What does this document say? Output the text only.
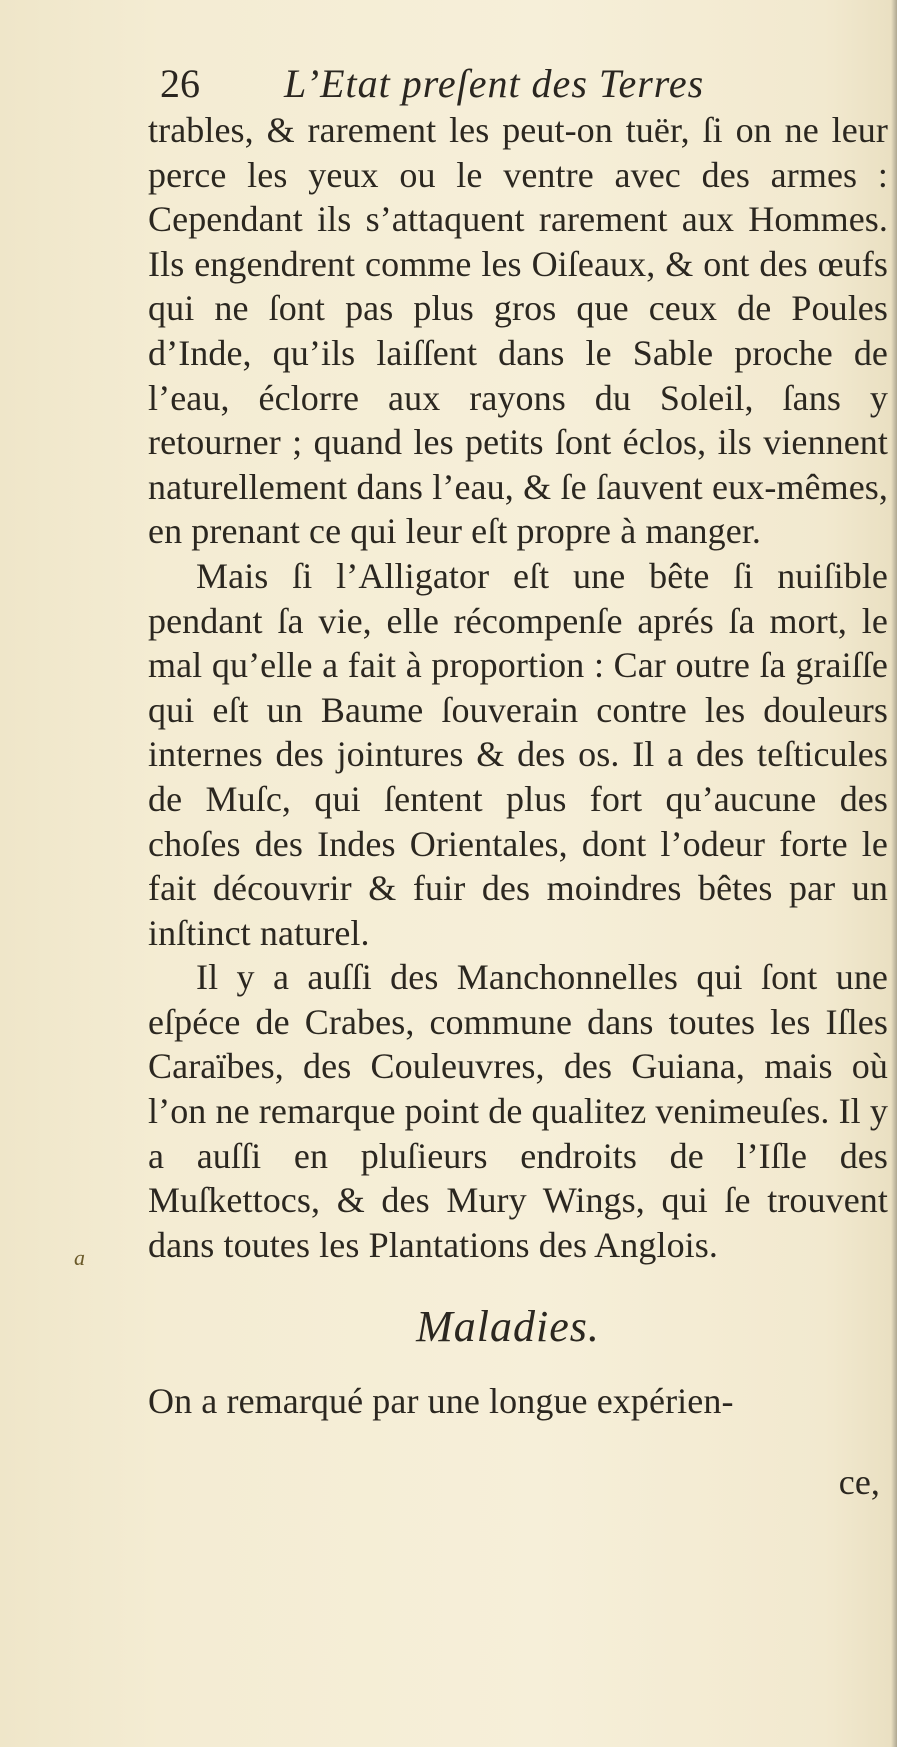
26 L’Etat preſent des Terres

trables, & rarement les peut-on tuër, ſi on ne leur perce les yeux ou le ventre avec des armes : Cependant ils s’attaquent rarement aux Hommes. Ils engendrent comme les Oiſeaux, & ont des œufs qui ne ſont pas plus gros que ceux de Poules d’Inde, qu’ils laiſſent dans le Sable proche de l’eau, éclorre aux rayons du Soleil, ſans y retourner ; quand les petits ſont éclos, ils viennent naturellement dans l’eau, & ſe ſauvent eux-mêmes, en prenant ce qui leur eſt propre à manger.

Mais ſi l’Alligator eſt une bête ſi nuiſible pendant ſa vie, elle récompenſe aprés ſa mort, le mal qu’elle a fait à proportion : Car outre ſa graiſſe qui eſt un Baume ſouverain contre les douleurs internes des jointures & des os. Il a des teſticules de Muſc, qui ſentent plus fort qu’aucune des choſes des Indes Orientales, dont l’odeur forte le fait découvrir & fuir des moindres bêtes par un inſtinct naturel.

Il y a auſſi des Manchonnelles qui ſont une eſpéce de Crabes, commune dans toutes les Iſles Caraïbes, des Couleuvres, des Guiana, mais où l’on ne remarque point de qualitez venimeuſes. Il y a auſſi en pluſieurs endroits de l’Iſle des Muſkettocs, & des Mury Wings, qui ſe trouvent dans toutes les Plantations des Anglois.

Maladies.

On a remarqué par une longue expérien-

ce,

a
